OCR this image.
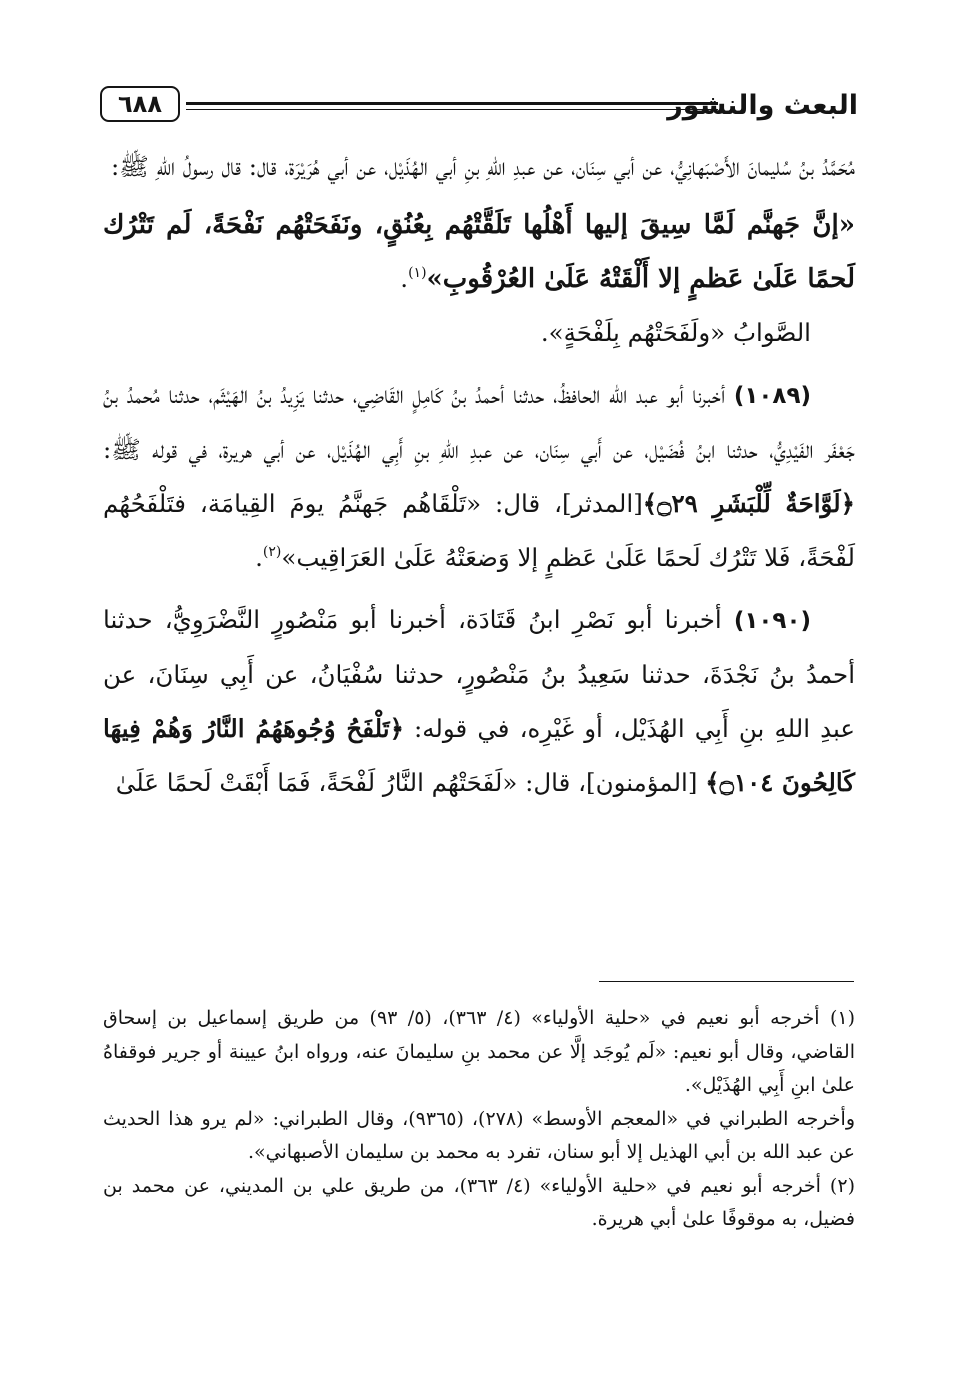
٦٨٨	البعث والنشور

مُحَمَّدُ بنُ سُليمانَ الأَصْبَهانِيُّ، عن أبي سِنَان، عن عبدِ اللهِ بنِ أبي الهُذَيْل، عن أبي هُرَيْرَة، قال: قال رسولُ اللهِ ﷺ:

«إنَّ جَهنَّم لَمَّا سِيقَ إليها أَهْلُها تَلَقَّتْهُم بِعُنُقٍ، ونَفَحَتْهُم نَفْحَةً، لَم تَتْرُك لَحمًا عَلَىٰ عَظمٍ إلا أَلْقَتْهُ عَلَىٰ العُرْقُوبِ»$^{(١)}$.

الصَّوابُ «ولَفَحَتْهُم بِلَفْحَةٍ».

(١٠٨٩) أخبرنا أبو عبد الله الحافظُ، حدثنا أحمدُ بنُ كَامِلٍ القَاضِي، حدثنا يَزِيدُ بنُ الهَيْثَم، حدثنا مُحمدُ بنُ جَعْفَر الفَيْدِيُّ، حدثنا ابنُ فُضَيْل، عن أَبي سِنَان، عن عبدِ اللهِ بنِ أَبِي الهُذَيْل، عن أبي هريرة، في قوله ﷺ: ﴿لَوَّاحَةٌ لِّلْبَشَرِ ۝٢٩﴾[المدثر]، قال: «تَلْقَاهُم جَهنَّمُ يومَ القِيامَة، فتَلْفَحُهُم لَفْحَةً، فَلا تَتْرُك لَحمًا عَلَىٰ عَظمٍ إلا وَضعَتْهُ عَلَىٰ العَرَاقِيب»$^{(٢)}$.

(١٠٩٠) أخبرنا أبو نَصْرِ ابنُ قَتَادَة، أخبرنا أبو مَنْصُورٍ النَّضْرَوِيُّ، حدثنا أحمدُ بنُ نَجْدَةَ، حدثنا سَعِيدُ بنُ مَنْصُورٍ، حدثنا سُفْيَانُ، عن أَبِي سِنَانَ، عن عبدِ اللهِ بنِ أَبِي الهُذَيْل، أو غَيْرِه، في قوله: ﴿تَلْفَحُ وُجُوهَهُمُ النَّارُ وَهُمْ فِيهَا كَالِحُونَ ۝١٠٤﴾ [المؤمنون]، قال: «لَفَحَتْهُم النَّارُ لَفْحَةً، فَمَا أَبْقَتْ لَحمًا عَلَىٰ

(١) أخرجه أبو نعيم في «حلية الأولياء» (٤/ ٣٦٣)، (٥/ ٩٣) من طريق إسماعيل بن إسحاق القاضي، وقال أبو نعيم: «لَم يُوجَد إلَّا عن محمد بنِ سليمانَ عنه، ورواه ابنُ عيينة أو جرير فوقفاهُ علىٰ ابنِ أَبِي الهُذَيْل».

وأخرجه الطبراني في «المعجم الأوسط» (٢٧٨)، (٩٣٦٥)، وقال الطبراني: «لم يرو هذا الحديث عن عبد الله بن أبي الهذيل إلا أبو سنان، تفرد به محمد بن سليمان الأصبهاني».

(٢) أخرجه أبو نعيم في «حلية الأولياء» (٤/ ٣٦٣)، من طريق علي بن المديني، عن محمد بن فضيل، به موقوفًا علىٰ أبي هريرة.
